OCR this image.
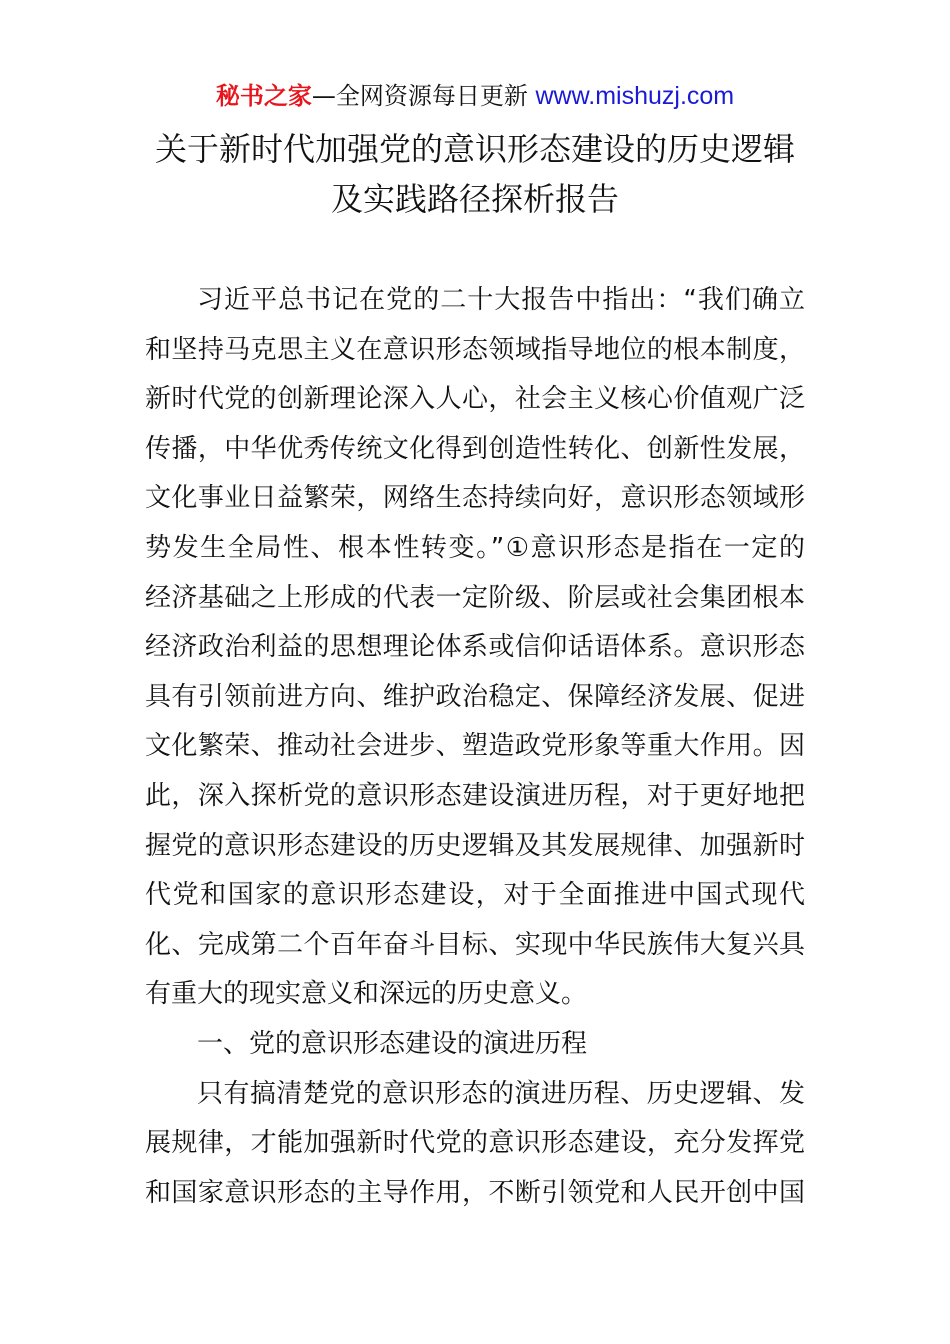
秘书之家—全网资源每日更新 www.mishuzj.com
关于新时代加强党的意识形态建设的历史逻辑
及实践路径探析报告
习近平总书记在党的二十大报告中指出：“我们确立
和坚持马克思主义在意识形态领域指导地位的根本制度，
新时代党的创新理论深入人心，社会主义核心价值观广泛
传播，中华优秀传统文化得到创造性转化、创新性发展，
文化事业日益繁荣，网络生态持续向好，意识形态领域形
势发生全局性、根本性转变。”①意识形态是指在一定的
经济基础之上形成的代表一定阶级、阶层或社会集团根本
经济政治利益的思想理论体系或信仰话语体系。意识形态
具有引领前进方向、维护政治稳定、保障经济发展、促进
文化繁荣、推动社会进步、塑造政党形象等重大作用。因
此，深入探析党的意识形态建设演进历程，对于更好地把
握党的意识形态建设的历史逻辑及其发展规律、加强新时
代党和国家的意识形态建设，对于全面推进中国式现代
化、完成第二个百年奋斗目标、实现中华民族伟大复兴具
有重大的现实意义和深远的历史意义。
一、党的意识形态建设的演进历程
只有搞清楚党的意识形态的演进历程、历史逻辑、发
展规律，才能加强新时代党的意识形态建设，充分发挥党
和国家意识形态的主导作用，不断引领党和人民开创中国
